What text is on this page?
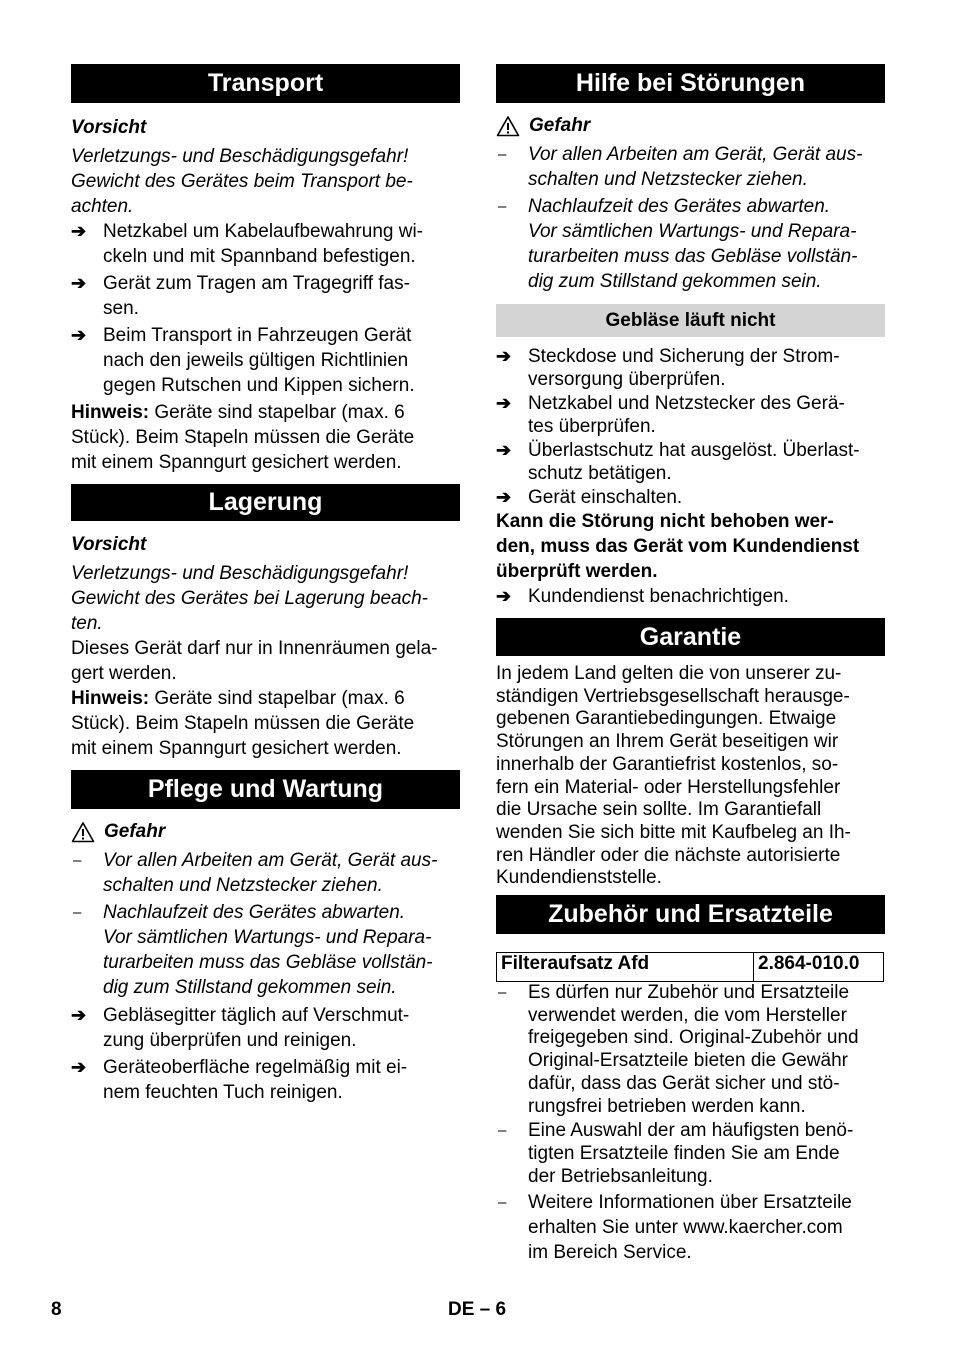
Transport
Vorsicht
Verletzungs- und Beschädigungsgefahr!
Gewicht des Gerätes beim Transport be-
achten.
➔ Netzkabel um Kabelaufbewahrung wi-
ckeln und mit Spannband befestigen.
➔ Gerät zum Tragen am Tragegriff fas-
sen.
➔ Beim Transport in Fahrzeugen Gerät
nach den jeweils gültigen Richtlinien
gegen Rutschen und Kippen sichern.
Hinweis: Geräte sind stapelbar (max. 6
Stück). Beim Stapeln müssen die Geräte
mit einem Spanngurt gesichert werden.
Lagerung
Vorsicht
Verletzungs- und Beschädigungsgefahr!
Gewicht des Gerätes bei Lagerung beach-
ten.
Dieses Gerät darf nur in Innenräumen gela-
gert werden.
Hinweis: Geräte sind stapelbar (max. 6
Stück). Beim Stapeln müssen die Geräte
mit einem Spanngurt gesichert werden.
Pflege und Wartung
Gefahr
–	Vor allen Arbeiten am Gerät, Gerät aus-
schalten und Netzstecker ziehen.
–	Nachlaufzeit des Gerätes abwarten.
Vor sämtlichen Wartungs- und Repara-
turarbeiten muss das Gebläse vollstän-
dig zum Stillstand gekommen sein.
➔ Gebläsegitter täglich auf Verschmut-
zung überprüfen und reinigen.
➔ Geräteoberfläche regelmäßig mit ei-
nem feuchten Tuch reinigen.
Hilfe bei Störungen
Gefahr
–	Vor allen Arbeiten am Gerät, Gerät aus-
schalten und Netzstecker ziehen.
–	Nachlaufzeit des Gerätes abwarten.
Vor sämtlichen Wartungs- und Repara-
turarbeiten muss das Gebläse vollstän-
dig zum Stillstand gekommen sein.
Gebläse läuft nicht
➔ Steckdose und Sicherung der Strom-
versorgung überprüfen.
➔ Netzkabel und Netzstecker des Gerä-
tes überprüfen.
➔ Überlastschutz hat ausgelöst. Überlast-
schutz betätigen.
➔ Gerät einschalten.
Kann die Störung nicht behoben wer-
den, muss das Gerät vom Kundendienst
überprüft werden.
➔ Kundendienst benachrichtigen.
Garantie
In jedem Land gelten die von unserer zu-
ständigen Vertriebsgesellschaft herausge-
gebenen Garantiebedingungen. Etwaige
Störungen an Ihrem Gerät beseitigen wir
innerhalb der Garantiefrist kostenlos, so-
fern ein Material- oder Herstellungsfehler
die Ursache sein sollte. Im Garantiefall
wenden Sie sich bitte mit Kaufbeleg an Ih-
ren Händler oder die nächste autorisierte
Kundendienststelle.
Zubehör und Ersatzteile
Filteraufsatz Afd	2.864-010.0
–	Es dürfen nur Zubehör und Ersatzteile
verwendet werden, die vom Hersteller
freigegeben sind. Original-Zubehör und
Original-Ersatzteile bieten die Gewähr
dafür, dass das Gerät sicher und stö-
rungsfrei betrieben werden kann.
–	Eine Auswahl der am häufigsten benö-
tigten Ersatzteile finden Sie am Ende
der Betriebsanleitung.
–	Weitere Informationen über Ersatzteile
erhalten Sie unter www.kaercher.com
im Bereich Service.
8	DE – 6
